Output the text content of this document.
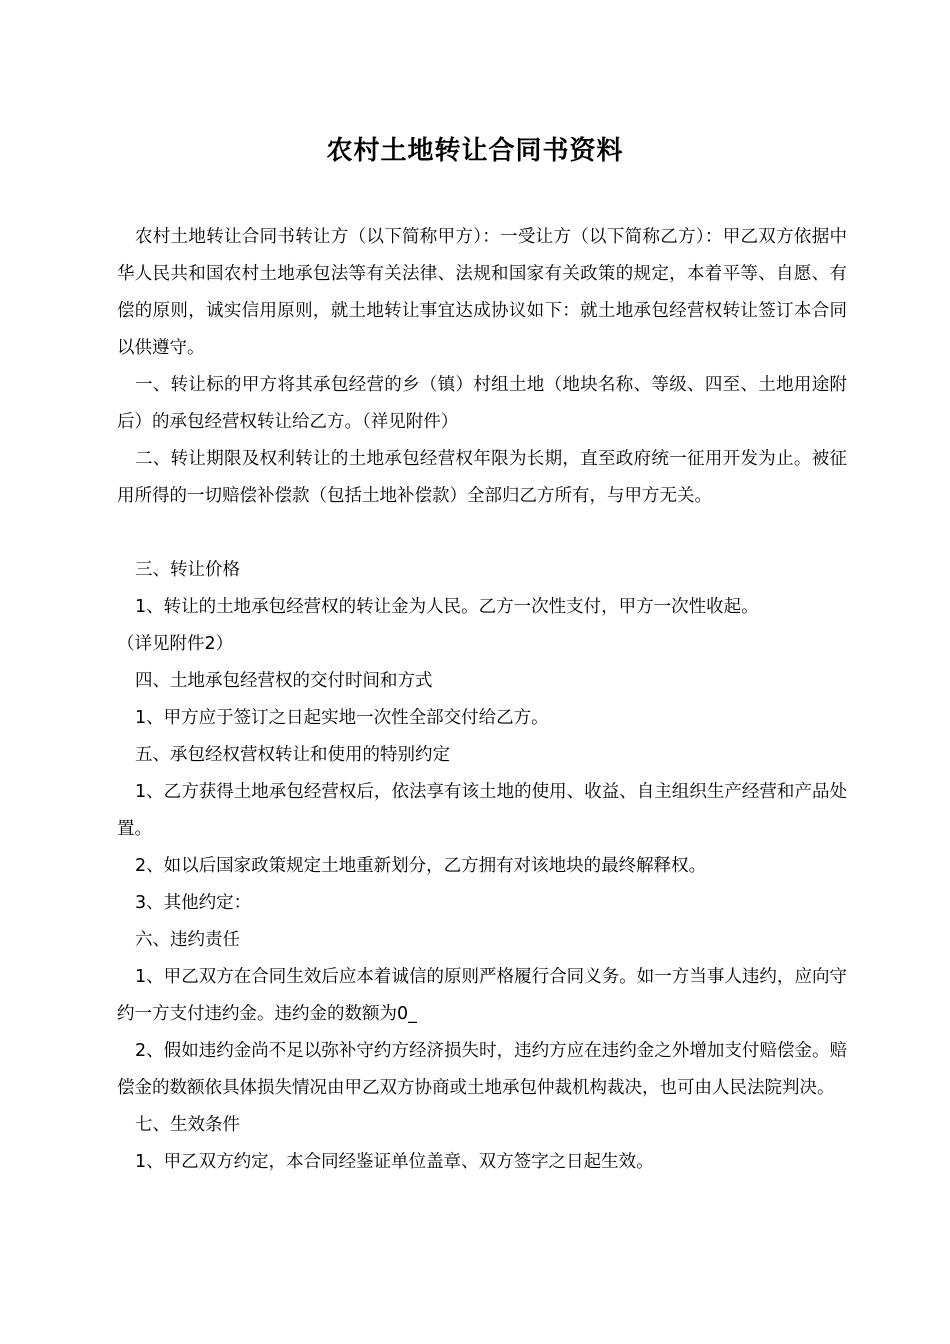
农村土地转让合同书资料

农村土地转让合同书转让方（以下简称甲方）：一受让方（以下简称乙方）：甲乙双方依据中华人民共和国农村土地承包法等有关法律、法规和国家有关政策的规定，本着平等、自愿、有偿的原则，诚实信用原则，就土地转让事宜达成协议如下：就土地承包经营权转让签订本合同以供遵守。

一、转让标的甲方将其承包经营的乡（镇）村组土地（地块名称、等级、四至、土地用途附后）的承包经营权转让给乙方。（祥见附件）

二、转让期限及权利转让的土地承包经营权年限为长期，直至政府统一征用开发为止。被征用所得的一切赔偿补偿款（包括土地补偿款）全部归乙方所有，与甲方无关。

三、转让价格

1、转让的土地承包经营权的转让金为人民。乙方一次性支付，甲方一次性收起。

（详见附件2）

四、土地承包经营权的交付时间和方式

1、甲方应于签订之日起实地一次性全部交付给乙方。

五、承包经权营权转让和使用的特别约定

1、乙方获得土地承包经营权后，依法享有该土地的使用、收益、自主组织生产经营和产品处置。

2、如以后国家政策规定土地重新划分，乙方拥有对该地块的最终解释权。

3、其他约定：

六、违约责任

1、甲乙双方在合同生效后应本着诚信的原则严格履行合同义务。如一方当事人违约，应向守约一方支付违约金。违约金的数额为0_

2、假如违约金尚不足以弥补守约方经济损失时，违约方应在违约金之外增加支付赔偿金。赔偿金的数额依具体损失情况由甲乙双方协商或土地承包仲裁机构裁决，也可由人民法院判决。

七、生效条件

1、甲乙双方约定，本合同经鉴证单位盖章、双方签字之日起生效。
